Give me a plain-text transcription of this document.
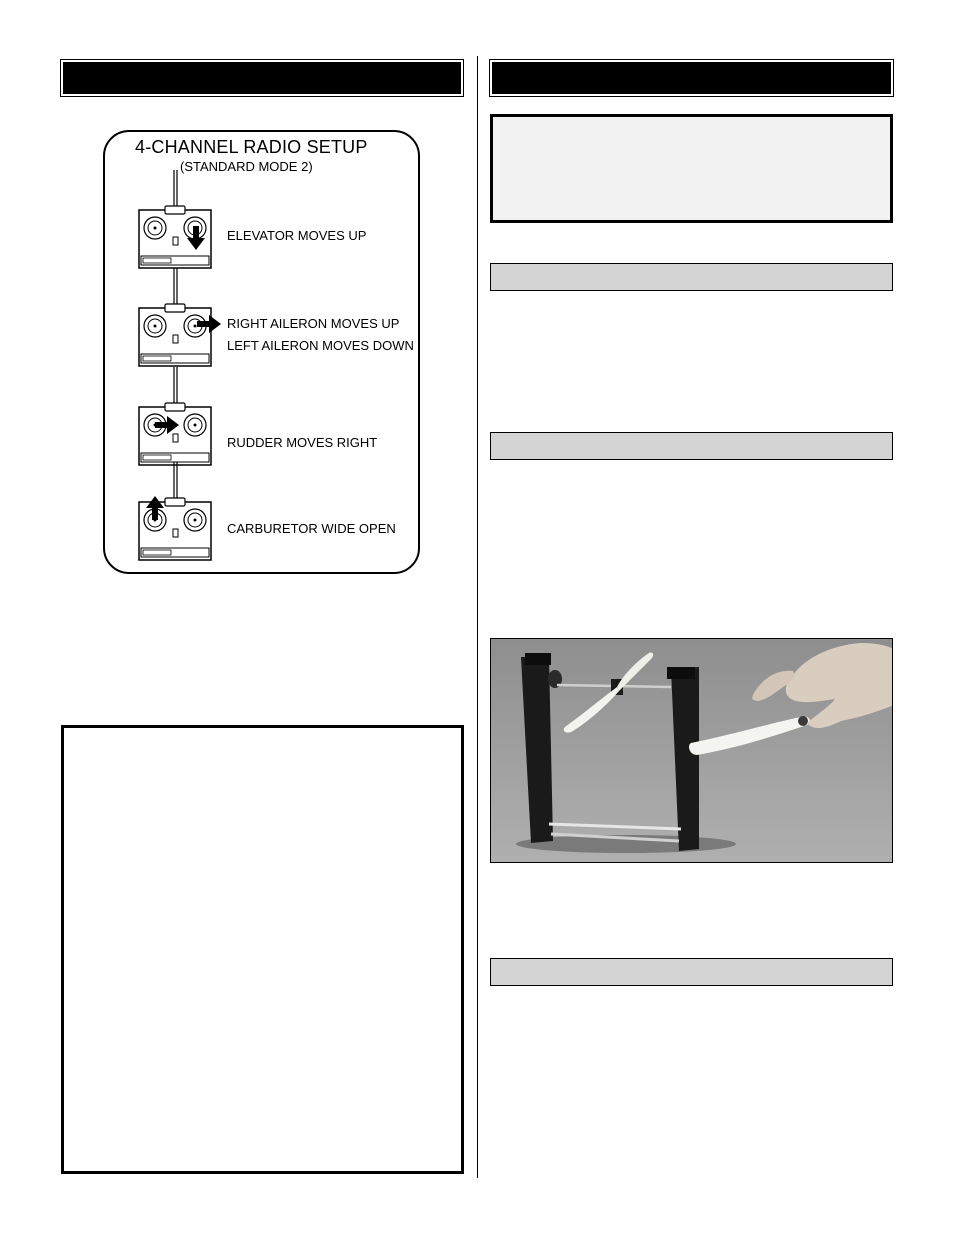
4-CHANNEL RADIO SETUP
(STANDARD MODE 2)
ELEVATOR MOVES UP
RIGHT AILERON MOVES UP
LEFT AILERON MOVES DOWN
RUDDER MOVES RIGHT
CARBURETOR WIDE OPEN
